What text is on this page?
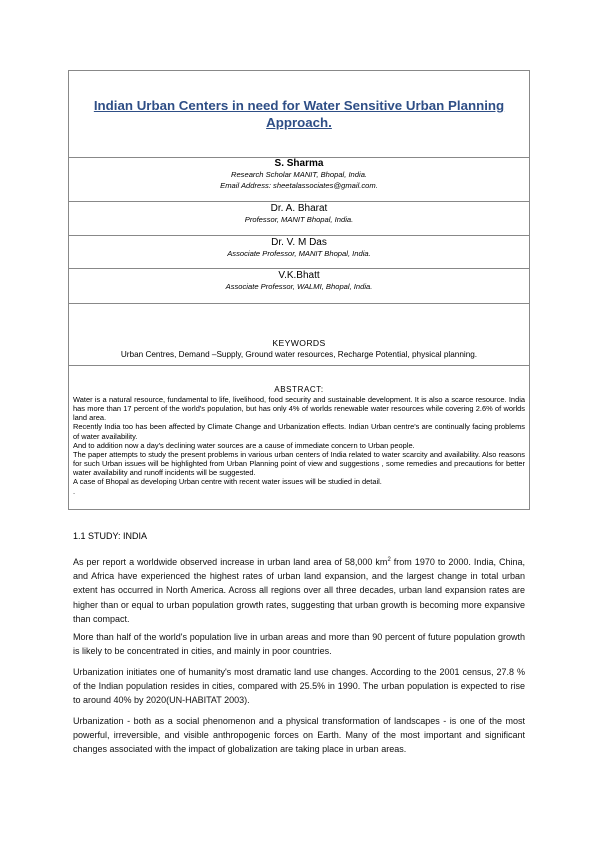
Indian Urban Centers in need for Water Sensitive Urban Planning Approach.
S. Sharma
Research Scholar MANIT, Bhopal, India.
Email Address: sheetalassociates@gmail.com.
Dr. A. Bharat
Professor, MANIT Bhopal, India.
Dr. V. M Das
Associate Professor, MANIT Bhopal, India.
V.K.Bhatt
Associate Professor, WALMI, Bhopal, India.
KEYWORDS
Urban Centres, Demand –Supply, Ground water resources, Recharge Potential, physical planning.
ABSTRACT:

Water is a natural resource, fundamental to life, livelihood, food security and sustainable development. It is also a scarce resource. India has more than 17 percent of the world's population, but has only 4% of worlds renewable water resources while covering 2.6% of worlds land area.

Recently India too has been affected by Climate Change and Urbanization effects. Indian Urban centre's are continually facing problems of water availability.

And to addition now a day's declining water sources are a cause of immediate concern to Urban people.

The paper attempts to study the present problems in various urban centers of India related to water scarcity and availability. Also reasons for such Urban issues will be highlighted from Urban Planning point of view and suggestions , some remedies and precautions for better water availability and runoff incidents will be suggested.

A case of Bhopal as developing Urban centre with recent water issues will be studied in detail.

.

1.1 STUDY: INDIA

As per report a worldwide observed increase in urban land area of 58,000 $km^2$ from 1970 to 2000. India, China, and Africa have experienced the highest rates of urban land expansion, and the largest change in total urban extent has occurred in North America. Across all regions over all three decades, urban land expansion rates are higher than or equal to urban population growth rates, suggesting that urban growth is becoming more expansive than compact.

More than half of the world's population live in urban areas and more than 90 percent of future population growth is likely to be concentrated in cities, and mainly in poor countries.

Urbanization initiates one of humanity's most dramatic land use changes. According to the 2001 census, 27.8 % of the Indian population resides in cities, compared with 25.5% in 1990. The urban population is expected to rise to around 40% by 2020(UN-HABITAT 2003).

Urbanization - both as a social phenomenon and a physical transformation of landscapes - is one of the most powerful, irreversible, and visible anthropogenic forces on Earth. Many of the most important and significant changes associated with the impact of globalization are taking place in urban areas.
